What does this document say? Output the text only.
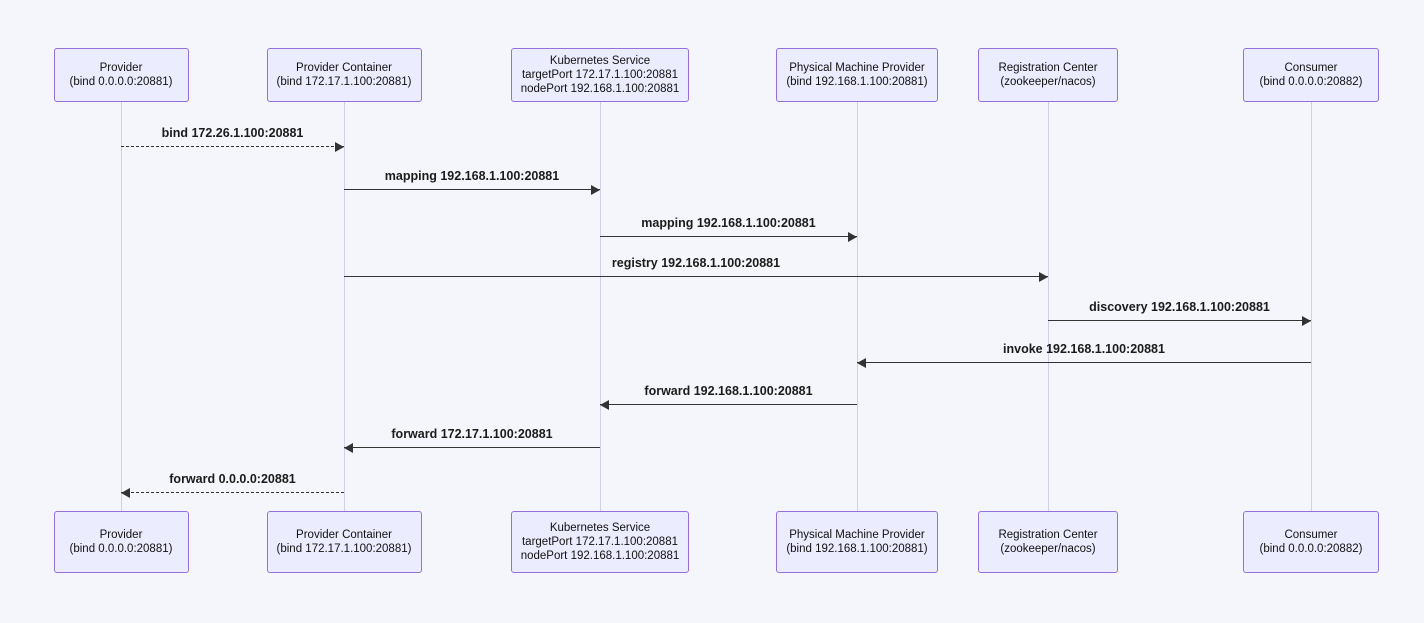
Provider
(bind 0.0.0.0:20881)
Provider
(bind 0.0.0.0:20881)
Provider Container
(bind 172.17.1.100:20881)
Provider Container
(bind 172.17.1.100:20881)
Kubernetes Service
targetPort 172.17.1.100:20881
nodePort 192.168.1.100:20881
Kubernetes Service
targetPort 172.17.1.100:20881
nodePort 192.168.1.100:20881
Physical Machine Provider
(bind 192.168.1.100:20881)
Physical Machine Provider
(bind 192.168.1.100:20881)
Registration Center
(zookeeper/nacos)
Registration Center
(zookeeper/nacos)
Consumer
(bind 0.0.0.0:20882)
Consumer
(bind 0.0.0.0:20882)
bind 172.26.1.100:20881
mapping 192.168.1.100:20881
mapping 192.168.1.100:20881
registry 192.168.1.100:20881
discovery 192.168.1.100:20881
invoke 192.168.1.100:20881
forward 192.168.1.100:20881
forward 172.17.1.100:20881
forward 0.0.0.0:20881
